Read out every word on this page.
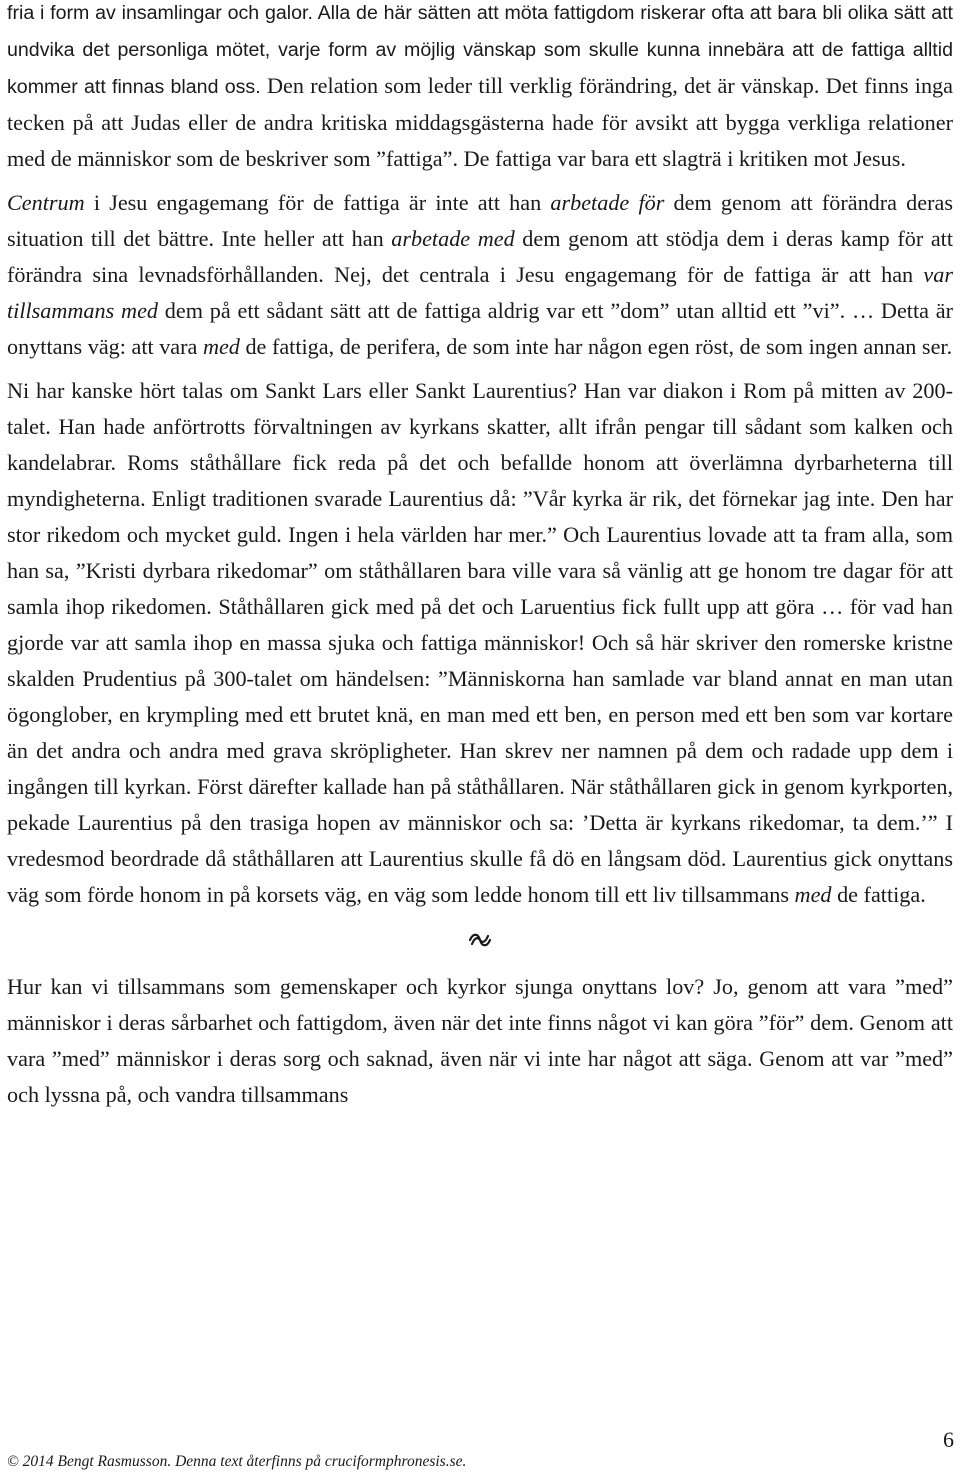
fria i form av insamlingar och galor. Alla de här sätten att möta fattigdom riskerar ofta att bara bli olika sätt att undvika det personliga mötet, varje form av möjlig vänskap som skulle kunna innebära att de fattiga alltid kommer att finnas bland oss. Den relation som leder till verklig förändring, det är vänskap. Det finns inga tecken på att Judas eller de andra kritiska middagsgästerna hade för avsikt att bygga verkliga relationer med de människor som de beskriver som ”fattiga”. De fattiga var bara ett slagträ i kritiken mot Jesus.

Centrum i Jesu engagemang för de fattiga är inte att han arbetade för dem genom att förändra deras situation till det bättre. Inte heller att han arbetade med dem genom att stödja dem i deras kamp för att förändra sina levnadsförhållanden. Nej, det centrala i Jesu engagemang för de fattiga är att han var tillsammans med dem på ett sådant sätt att de fattiga aldrig var ett ”dom” utan alltid ett ”vi”. … Detta är onyttans väg: att vara med de fattiga, de perifera, de som inte har någon egen röst, de som ingen annan ser.

Ni har kanske hört talas om Sankt Lars eller Sankt Laurentius? Han var diakon i Rom på mitten av 200-talet. Han hade anförtrotts förvaltningen av kyrkans skatter, allt ifrån pengar till sådant som kalken och kandelabrar. Roms ståthållare fick reda på det och befallde honom att överlämna dyrbarheterna till myndigheterna. Enligt traditionen svarade Laurentius då: ”Vår kyrka är rik, det förnekar jag inte. Den har stor rikedom och mycket guld. Ingen i hela världen har mer.” Och Laurentius lovade att ta fram alla, som han sa, ”Kristi dyrbara rikedomar” om ståthållaren bara ville vara så vänlig att ge honom tre dagar för att samla ihop rikedomen. Ståthållaren gick med på det och Laruentius fick fullt upp att göra … för vad han gjorde var att samla ihop en massa sjuka och fattiga människor! Och så här skriver den romerske kristne skalden Prudentius på 300-talet om händelsen: ”Människorna han samlade var bland annat en man utan ögonglober, en krympling med ett brutet knä, en man med ett ben, en person med ett ben som var kortare än det andra och andra med grava skröpligheter. Han skrev ner namnen på dem och radade upp dem i ingången till kyrkan. Först därefter kallade han på ståthållaren. När ståthållaren gick in genom kyrkporten, pekade Laurentius på den trasiga hopen av människor och sa: ’Detta är kyrkans rikedomar, ta dem.’” I vredesmod beordrade då ståthållaren att Laurentius skulle få dö en långsam död. Laurentius gick onyttans väg som förde honom in på korsets väg, en väg som ledde honom till ett liv tillsammans med de fattiga.

Hur kan vi tillsammans som gemenskaper och kyrkor sjunga onyttans lov? Jo, genom att vara ”med” människor i deras sårbarhet och fattigdom, även när det inte finns något vi kan göra ”för” dem. Genom att vara ”med” människor i deras sorg och saknad, även när vi inte har något att säga. Genom att var ”med” och lyssna på, och vandra tillsammans

6
© 2014 Bengt Rasmusson. Denna text återfinns på cruciformphronesis.se.
